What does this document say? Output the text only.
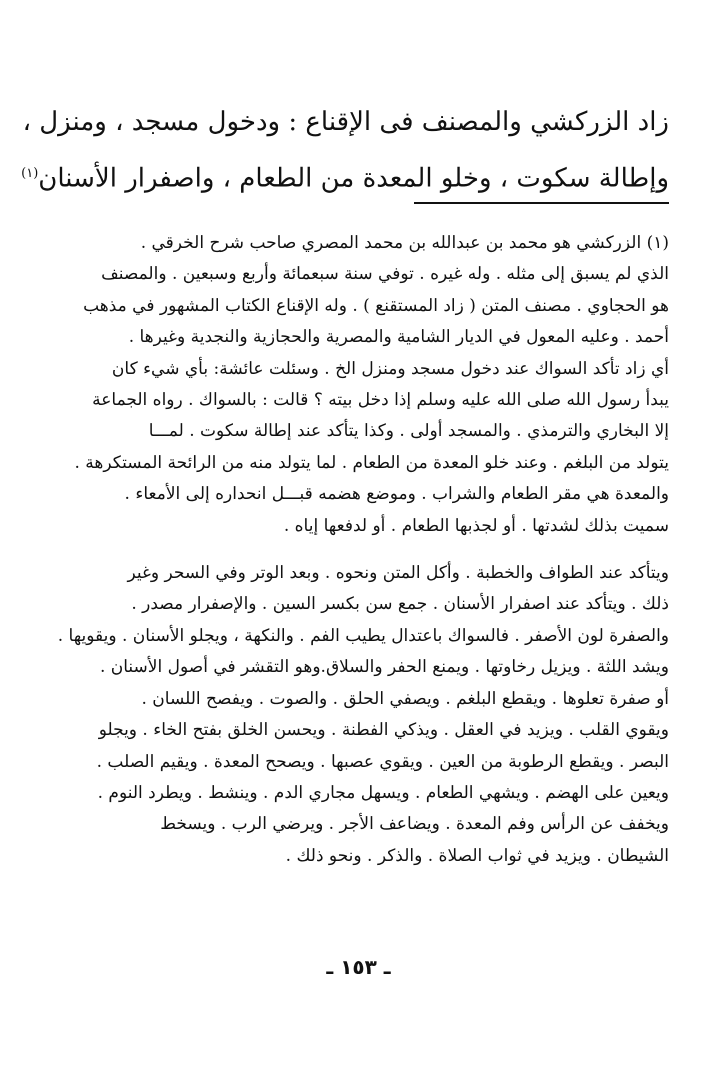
زاد الزركشي والمصنف فى الإقناع : ودخول مسجد ، ومنزل ،
وإطالة سكوت ، وخلو المعدة من الطعام ، واصفرار الأسنان$^{(١)}$
(١) الزركشي هو محمد بن عبدالله بن محمد المصري صاحب شرح الخرقي .
الذي لم يسبق إلى مثله . وله غيره . توفي سنة سبعمائة وأربع وسبعين . والمصنف
هو الحجاوي . مصنف المتن ( زاد المستقنع ) . وله الإقناع الكتاب المشهور في مذهب
أحمد . وعليه المعول في الديار الشامية والمصرية والحجازية والنجدية وغيرها .
أي زاد تأكد السواك عند دخول مسجد ومنزل الخ . وسئلت عائشة: بأي شيء كان
يبدأ رسول الله صلى الله عليه وسلم إذا دخل بيته ؟ قالت : بالسواك . رواه الجماعة
إلا البخاري والترمذي . والمسجد أولى . وكذا يتأكد عند إطالة سكوت . لمـــا
يتولد من البلغم . وعند خلو المعدة من الطعام . لما يتولد منه من الرائحة المستكرهة .
والمعدة هي مقر الطعام والشراب . وموضع هضمه قبـــل انحداره إلى الأمعاء .
سميت بذلك لشدتها . أو لجذبها الطعام . أو لدفعها إياه .
ويتأكد عند الطواف والخطبة . وأكل المتن ونحوه . وبعد الوتر وفي السحر وغير
ذلك . ويتأكد عند اصفرار الأسنان . جمع سن بكسر السين . والإصفرار مصدر .
والصفرة لون الأصفر . فالسواك باعتدال يطيب الفم . والنكهة ، ويجلو الأسنان . ويقويها .
ويشد اللثة . ويزيل رخاوتها . ويمنع الحفر والسلاق.وهو التقشر في أصول الأسنان .
أو صفرة تعلوها . ويقطع البلغم . ويصفي الحلق . والصوت . ويفصح اللسان .
ويقوي القلب . ويزيد في العقل . ويذكي الفطنة . ويحسن الخلق بفتح الخاء . ويجلو
البصر . ويقطع الرطوبة من العين . ويقوي عصبها . ويصحح المعدة . ويقيم الصلب .
ويعين على الهضم . ويشهي الطعام . ويسهل مجاري الدم . وينشط . ويطرد النوم .
ويخفف عن الرأس وفم المعدة . ويضاعف الأجر . ويرضي الرب . ويسخط
الشيطان . ويزيد في ثواب الصلاة . والذكر . ونحو ذلك .
ـ ١٥٣ ـ
